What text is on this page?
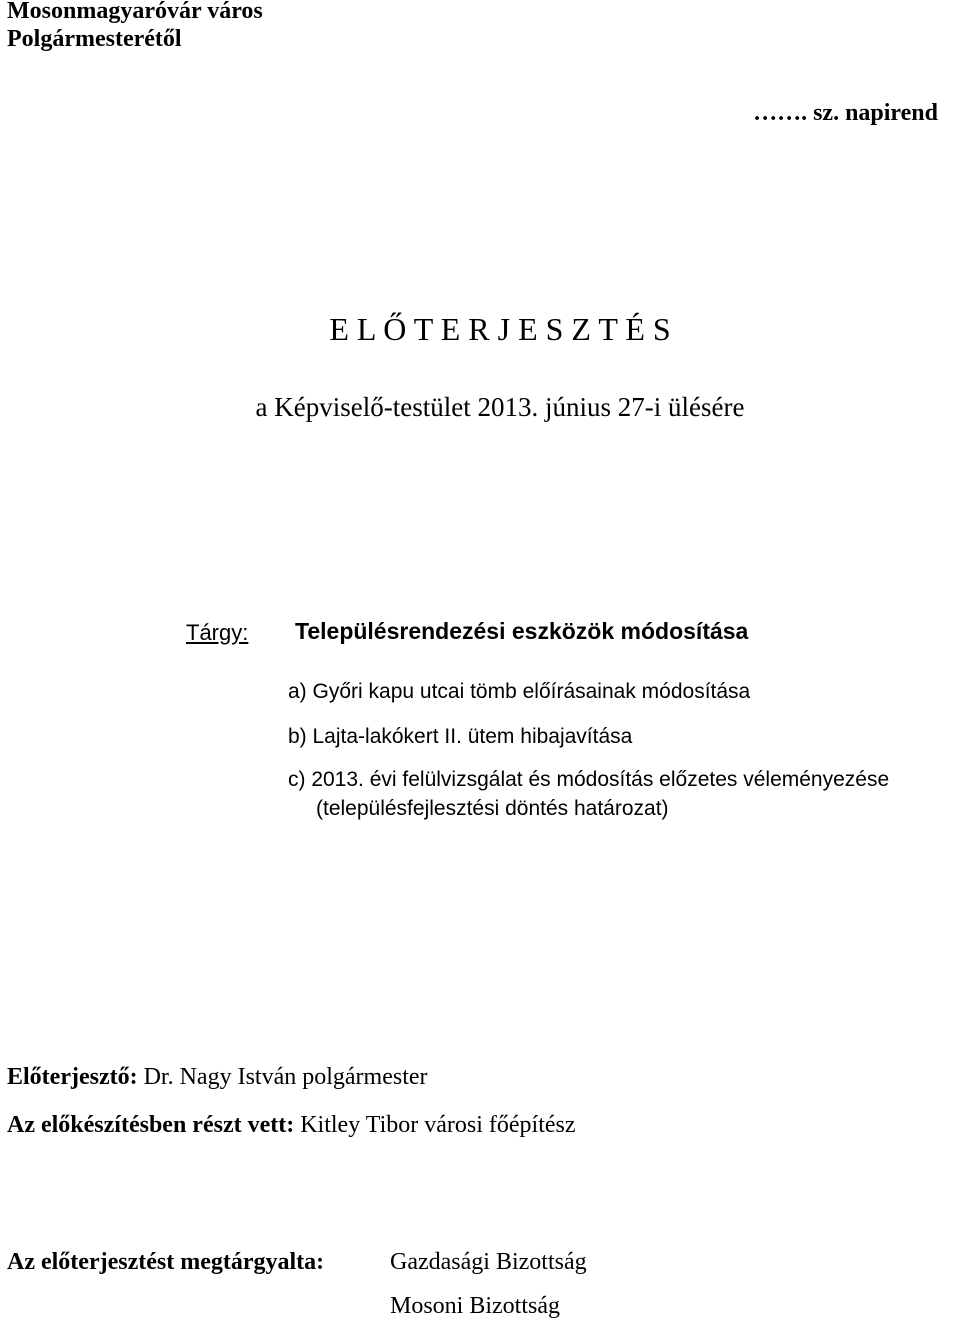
Mosonmagyaróvár város
Polgármesterétől
……. sz. napirend
E L Ő T E R J E S Z T É S
a Képviselő-testület 2013. június 27-i ülésére
Tárgy: Településrendezési eszközök módosítása
a) Győri kapu utcai tömb előírásainak módosítása
b) Lajta-lakókert II. ütem hibajavítása
c) 2013. évi felülvizsgálat és módosítás előzetes véleményezése
(településfejlesztési döntés határozat)
Előterjesztő: Dr. Nagy István polgármester
Az előkészítésben részt vett: Kitley Tibor városi főépítész
Az előterjesztést megtárgyalta:	Gazdasági Bizottság
Mosoni Bizottság
